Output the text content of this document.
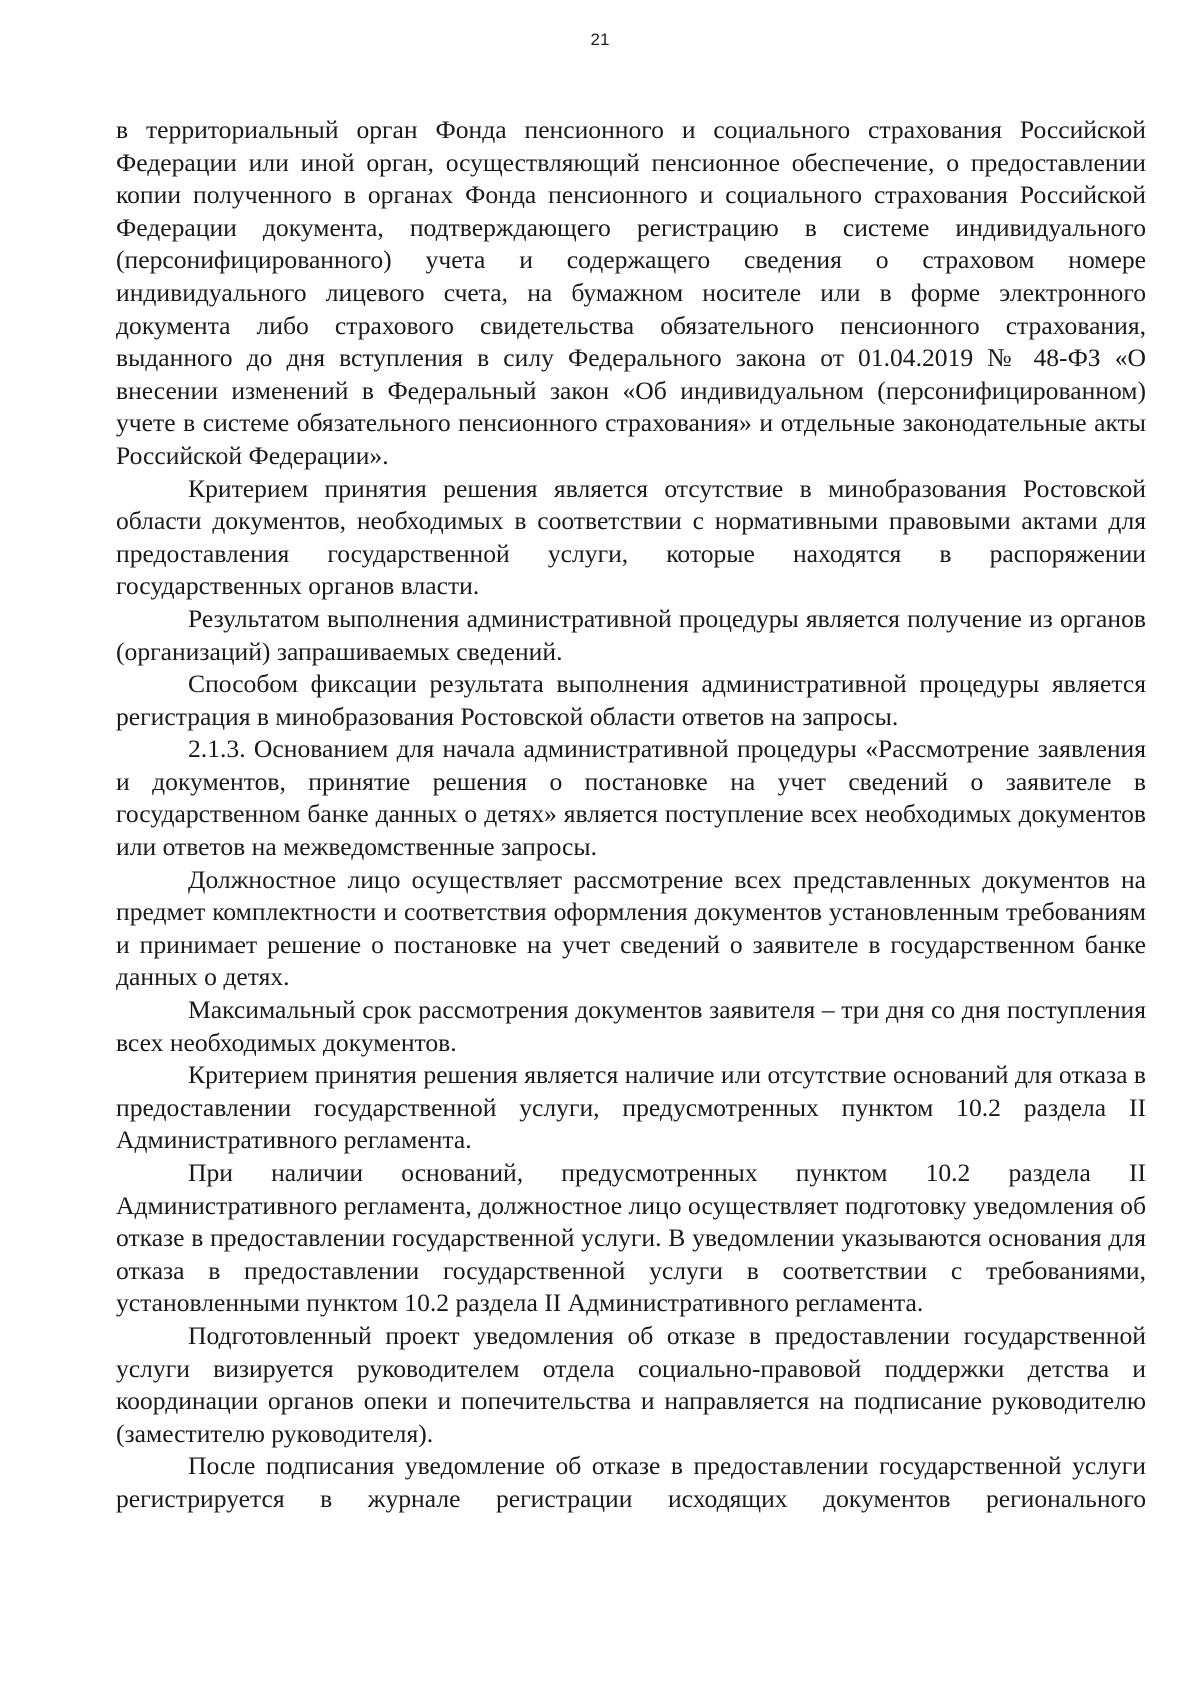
21

в территориальный орган Фонда пенсионного и социального страхования Российской Федерации или иной орган, осуществляющий пенсионное обеспечение, о предоставлении копии полученного в органах Фонда пенсионного и социального страхования Российской Федерации документа, подтверждающего регистрацию в системе индивидуального (персонифицированного) учета и содержащего сведения о страховом номере индивидуального лицевого счета, на бумажном носителе или в форме электронного документа либо страхового свидетельства обязательного пенсионного страхования, выданного до дня вступления в силу Федерального закона от 01.04.2019 № 48-ФЗ «О внесении изменений в Федеральный закон «Об индивидуальном (персонифицированном) учете в системе обязательного пенсионного страхования» и отдельные законодательные акты Российской Федерации».

Критерием принятия решения является отсутствие в минобразования Ростовской области документов, необходимых в соответствии с нормативными правовыми актами для предоставления государственной услуги, которые находятся в распоряжении государственных органов власти.

Результатом выполнения административной процедуры является получение из органов (организаций) запрашиваемых сведений.

Способом фиксации результата выполнения административной процедуры является регистрация в минобразования Ростовской области ответов на запросы.

2.1.3. Основанием для начала административной процедуры «Рассмотрение заявления и документов, принятие решения о постановке на учет сведений о заявителе в государственном банке данных о детях» является поступление всех необходимых документов или ответов на межведомственные запросы.

Должностное лицо осуществляет рассмотрение всех представленных документов на предмет комплектности и соответствия оформления документов установленным требованиям и принимает решение о постановке на учет сведений о заявителе в государственном банке данных о детях.

Максимальный срок рассмотрения документов заявителя – три дня со дня поступления всех необходимых документов.

Критерием принятия решения является наличие или отсутствие оснований для отказа в предоставлении государственной услуги, предусмотренных пунктом 10.2 раздела II Административного регламента.

При наличии оснований, предусмотренных пунктом 10.2 раздела II Административного регламента, должностное лицо осуществляет подготовку уведомления об отказе в предоставлении государственной услуги. В уведомлении указываются основания для отказа в предоставлении государственной услуги в соответствии с требованиями, установленными пунктом 10.2 раздела II Административного регламента.

Подготовленный проект уведомления об отказе в предоставлении государственной услуги визируется руководителем отдела социально-правовой поддержки детства и координации органов опеки и попечительства и направляется на подписание руководителю (заместителю руководителя).

После подписания уведомление об отказе в предоставлении государственной услуги регистрируется в журнале регистрации исходящих документов регионального
